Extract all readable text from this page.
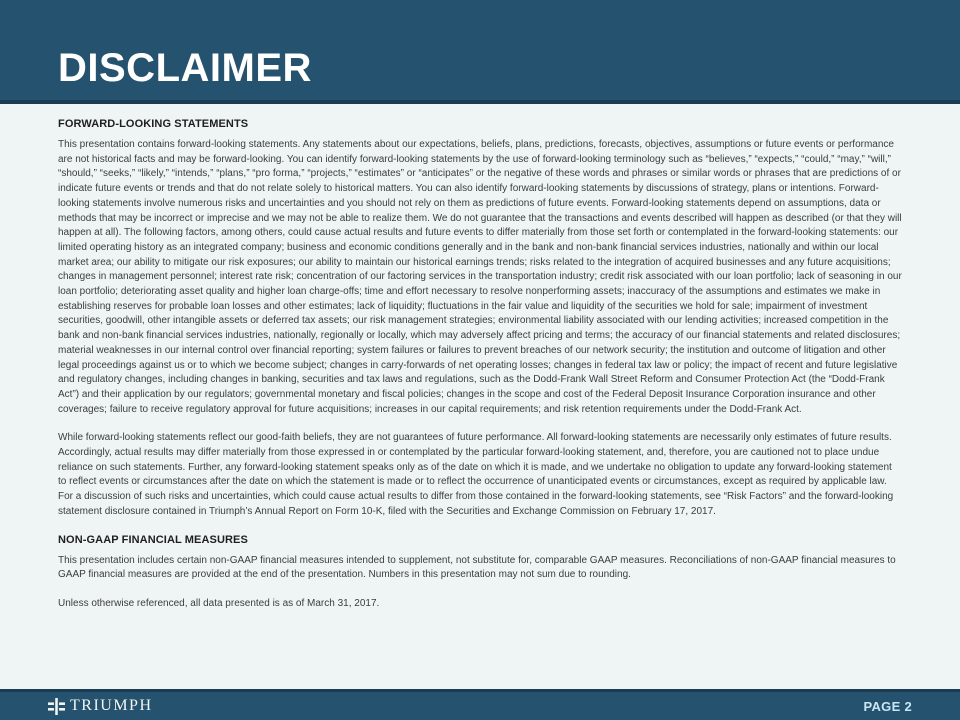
DISCLAIMER
FORWARD-LOOKING STATEMENTS

This presentation contains forward-looking statements. Any statements about our expectations, beliefs, plans, predictions, forecasts, objectives, assumptions or future events or performance are not historical facts and may be forward-looking. You can identify forward-looking statements by the use of forward-looking terminology such as “believes,” “expects,” “could,” “may,” “will,” “should,” “seeks,” “likely,” “intends,” “plans,” “pro forma,” “projects,” “estimates” or “anticipates” or the negative of these words and phrases or similar words or phrases that are predictions of or indicate future events or trends and that do not relate solely to historical matters. You can also identify forward-looking statements by discussions of strategy, plans or intentions. Forward-looking statements involve numerous risks and uncertainties and you should not rely on them as predictions of future events. Forward-looking statements depend on assumptions, data or methods that may be incorrect or imprecise and we may not be able to realize them. We do not guarantee that the transactions and events described will happen as described (or that they will happen at all). The following factors, among others, could cause actual results and future events to differ materially from those set forth or contemplated in the forward-looking statements: our limited operating history as an integrated company; business and economic conditions generally and in the bank and non-bank financial services industries, nationally and within our local market area; our ability to mitigate our risk exposures; our ability to maintain our historical earnings trends; risks related to the integration of acquired businesses and any future acquisitions; changes in management personnel; interest rate risk; concentration of our factoring services in the transportation industry; credit risk associated with our loan portfolio; lack of seasoning in our loan portfolio; deteriorating asset quality and higher loan charge-offs; time and effort necessary to resolve nonperforming assets; inaccuracy of the assumptions and estimates we make in establishing reserves for probable loan losses and other estimates; lack of liquidity; fluctuations in the fair value and liquidity of the securities we hold for sale; impairment of investment securities, goodwill, other intangible assets or deferred tax assets; our risk management strategies; environmental liability associated with our lending activities; increased competition in the bank and non-bank financial services industries, nationally, regionally or locally, which may adversely affect pricing and terms; the accuracy of our financial statements and related disclosures; material weaknesses in our internal control over financial reporting; system failures or failures to prevent breaches of our network security; the institution and outcome of litigation and other legal proceedings against us or to which we become subject; changes in carry-forwards of net operating losses; changes in federal tax law or policy; the impact of recent and future legislative and regulatory changes, including changes in banking, securities and tax laws and regulations, such as the Dodd-Frank Wall Street Reform and Consumer Protection Act (the “Dodd-Frank Act”) and their application by our regulators; governmental monetary and fiscal policies; changes in the scope and cost of the Federal Deposit Insurance Corporation insurance and other coverages; failure to receive regulatory approval for future acquisitions; increases in our capital requirements; and risk retention requirements under the Dodd-Frank Act.

While forward-looking statements reflect our good-faith beliefs, they are not guarantees of future performance. All forward-looking statements are necessarily only estimates of future results. Accordingly, actual results may differ materially from those expressed in or contemplated by the particular forward-looking statement, and, therefore, you are cautioned not to place undue reliance on such statements. Further, any forward-looking statement speaks only as of the date on which it is made, and we undertake no obligation to update any forward-looking statement to reflect events or circumstances after the date on which the statement is made or to reflect the occurrence of unanticipated events or circumstances, except as required by applicable law. For a discussion of such risks and uncertainties, which could cause actual results to differ from those contained in the forward-looking statements, see “Risk Factors” and the forward-looking statement disclosure contained in Triumph’s Annual Report on Form 10-K, filed with the Securities and Exchange Commission on February 17, 2017.

NON-GAAP FINANCIAL MEASURES

This presentation includes certain non-GAAP financial measures intended to supplement, not substitute for, comparable GAAP measures. Reconciliations of non-GAAP financial measures to GAAP financial measures are provided at the end of the presentation. Numbers in this presentation may not sum due to rounding.

Unless otherwise referenced, all data presented is as of March 31, 2017.

TRIUMPH	PAGE 2
